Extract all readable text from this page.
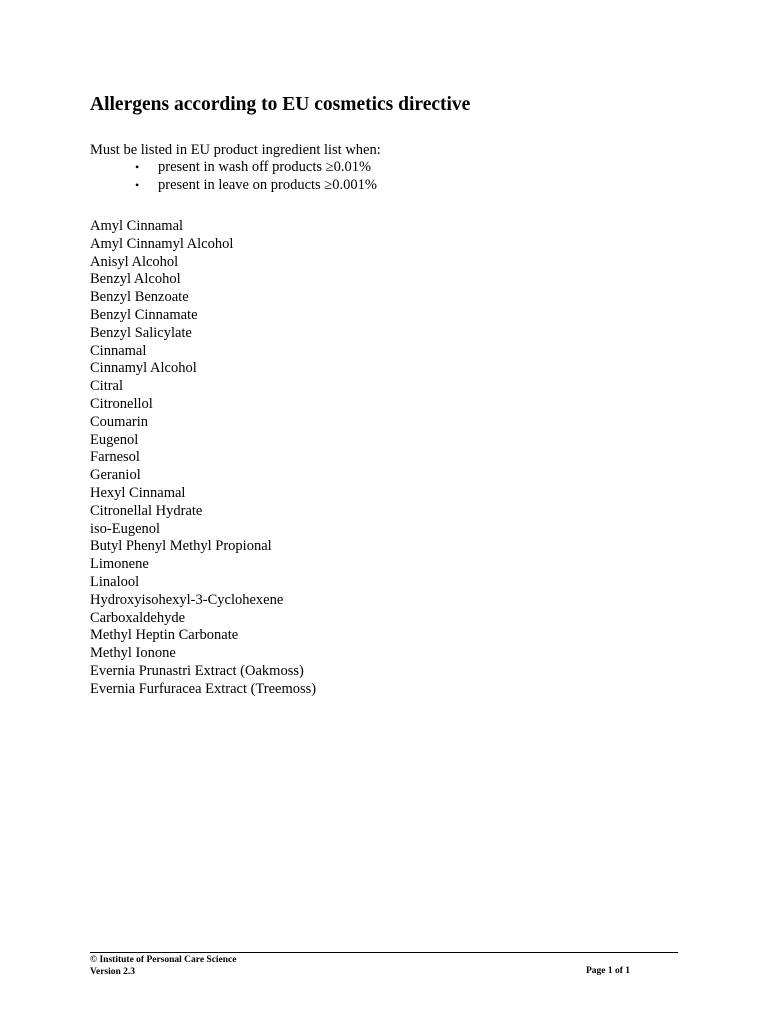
Allergens according to EU cosmetics directive

Must be listed in EU product ingredient list when:

• present in wash off products ≥0.01%
• present in leave on products ≥0.001%
Amyl Cinnamal
Amyl Cinnamyl Alcohol
Anisyl Alcohol
Benzyl Alcohol
Benzyl Benzoate
Benzyl Cinnamate
Benzyl Salicylate
Cinnamal
Cinnamyl Alcohol
Citral
Citronellol
Coumarin
Eugenol
Farnesol
Geraniol
Hexyl Cinnamal
Citronellal Hydrate
iso-Eugenol
Butyl Phenyl Methyl Propional
Limonene
Linalool
Hydroxyisohexyl-3-Cyclohexene
Carboxaldehyde
Methyl Heptin Carbonate
Methyl Ionone
Evernia Prunastri Extract (Oakmoss)
Evernia Furfuracea Extract (Treemoss)
© Institute of Personal Care Science
Version 2.3	Page 1 of 1
